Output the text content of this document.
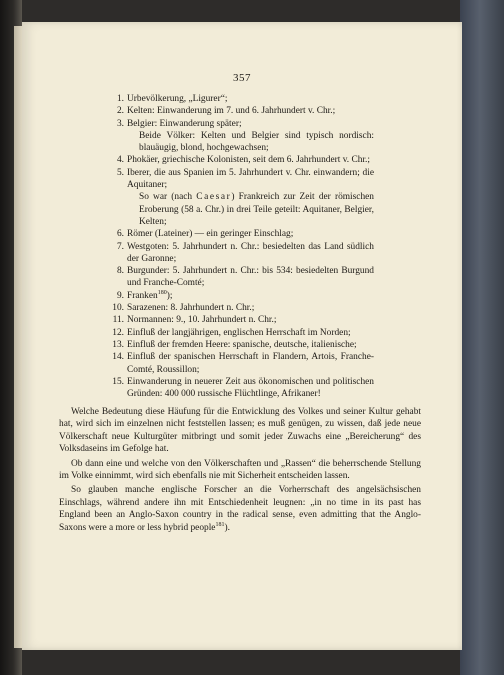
357
1. Urbevölkerung, „Ligurer“;
2. Kelten: Einwanderung im 7. und 6. Jahrhundert v. Chr.;
3. Belgier: Einwanderung später;
Beide Völker: Kelten und Belgier sind typisch nordisch: blauäugig, blond, hochgewachsen;
4. Phokäer, griechische Kolonisten, seit dem 6. Jahrhundert v. Chr.;
5. Iberer, die aus Spanien im 5. Jahrhundert v. Chr. einwandern; die Aquitaner;
So war (nach Caesar) Frankreich zur Zeit der römischen Eroberung (58 a. Chr.) in drei Teile geteilt: Aquitaner, Belgier, Kelten;
6. Römer (Lateiner) — ein geringer Einschlag;
7. Westgoten: 5. Jahrhundert n. Chr.: besiedelten das Land südlich der Garonne;
8. Burgunder: 5. Jahrhundert n. Chr.: bis 534: besiedelten Burgund und Franche-Comté;
9. Franken$^{180}$);
10. Sarazenen: 8. Jahrhundert n. Chr.;
11. Normannen: 9., 10. Jahrhundert n. Chr.;
12. Einfluß der langjährigen, englischen Herrschaft im Norden;
13. Einfluß der fremden Heere: spanische, deutsche, italienische;
14. Einfluß der spanischen Herrschaft in Flandern, Artois, Franche-Comté, Roussillon;
15. Einwanderung in neuerer Zeit aus ökonomischen und politischen Gründen: 400 000 russische Flüchtlinge, Afrikaner!

Welche Bedeutung diese Häufung für die Entwicklung des Volkes und seiner Kultur gehabt hat, wird sich im einzelnen nicht feststellen lassen; es muß genügen, zu wissen, daß jede neue Völkerschaft neue Kulturgüter mitbringt und somit jeder Zuwachs eine „Bereicherung“ des Volksdaseins im Gefolge hat.

Ob dann eine und welche von den Völkerschaften und „Rassen“ die beherrschende Stellung im Volke einnimmt, wird sich ebenfalls nie mit Sicherheit entscheiden lassen.

So glauben manche englische Forscher an die Vorherrschaft des angelsächsischen Einschlags, während andere ihn mit Entschiedenheit leugnen: „in no time in its past has England been an Anglo-Saxon country in the radical sense, even admitting that the Anglo-Saxons were a more or less hybrid people$^{181}$).
